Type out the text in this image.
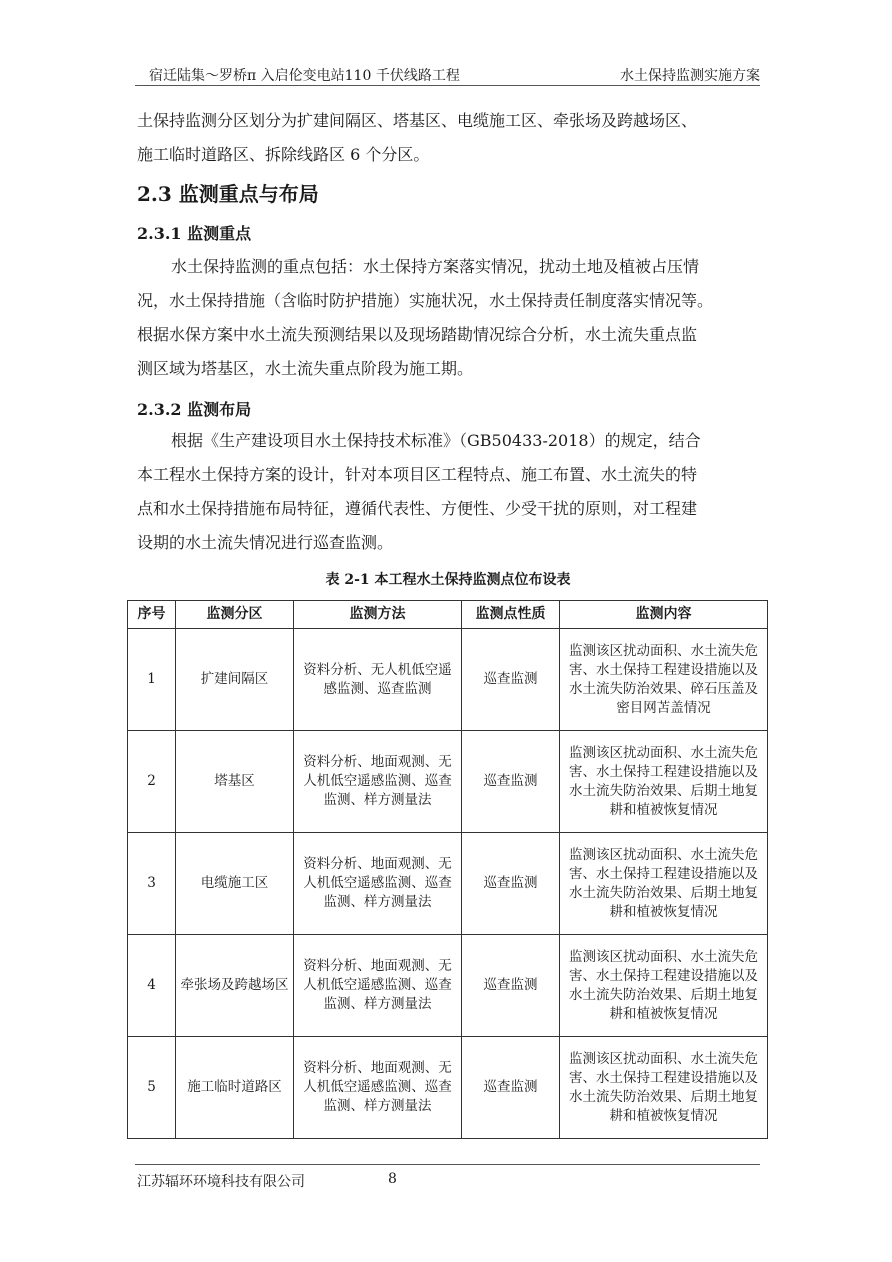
宿迁陆集～罗桥π 入启伦变电站110 千伏线路工程	水土保持监测实施方案
土保持监测分区划分为扩建间隔区、塔基区、电缆施工区、牵张场及跨越场区、
施工临时道路区、拆除线路区 6 个分区。
2.3 监测重点与布局
2.3.1 监测重点
水土保持监测的重点包括：水土保持方案落实情况，扰动土地及植被占压情
况，水土保持措施（含临时防护措施）实施状况，水土保持责任制度落实情况等。
根据水保方案中水土流失预测结果以及现场踏勘情况综合分析，水土流失重点监
测区域为塔基区，水土流失重点阶段为施工期。
2.3.2 监测布局
根据《生产建设项目水土保持技术标准》（GB50433-2018）的规定，结合
本工程水土保持方案的设计，针对本项目区工程特点、施工布置、水土流失的特
点和水土保持措施布局特征，遵循代表性、方便性、少受干扰的原则，对工程建
设期的水土流失情况进行巡查监测。
表 2-1 本工程水土保持监测点位布设表
序号	监测分区	监测方法	监测点性质	监测内容
1	扩建间隔区	资料分析、无人机低空遥感监测、巡查监测	巡查监测	监测该区扰动面积、水土流失危害、水土保持工程建设措施以及水土流失防治效果、碎石压盖及密目网苫盖情况
2	塔基区	资料分析、地面观测、无人机低空遥感监测、巡查监测、样方测量法	巡查监测	监测该区扰动面积、水土流失危害、水土保持工程建设措施以及水土流失防治效果、后期土地复耕和植被恢复情况
3	电缆施工区	资料分析、地面观测、无人机低空遥感监测、巡查监测、样方测量法	巡查监测	监测该区扰动面积、水土流失危害、水土保持工程建设措施以及水土流失防治效果、后期土地复耕和植被恢复情况
4	牵张场及跨越场区	资料分析、地面观测、无人机低空遥感监测、巡查监测、样方测量法	巡查监测	监测该区扰动面积、水土流失危害、水土保持工程建设措施以及水土流失防治效果、后期土地复耕和植被恢复情况
5	施工临时道路区	资料分析、地面观测、无人机低空遥感监测、巡查监测、样方测量法	巡查监测	监测该区扰动面积、水土流失危害、水土保持工程建设措施以及水土流失防治效果、后期土地复耕和植被恢复情况
江苏辐环环境科技有限公司	8
